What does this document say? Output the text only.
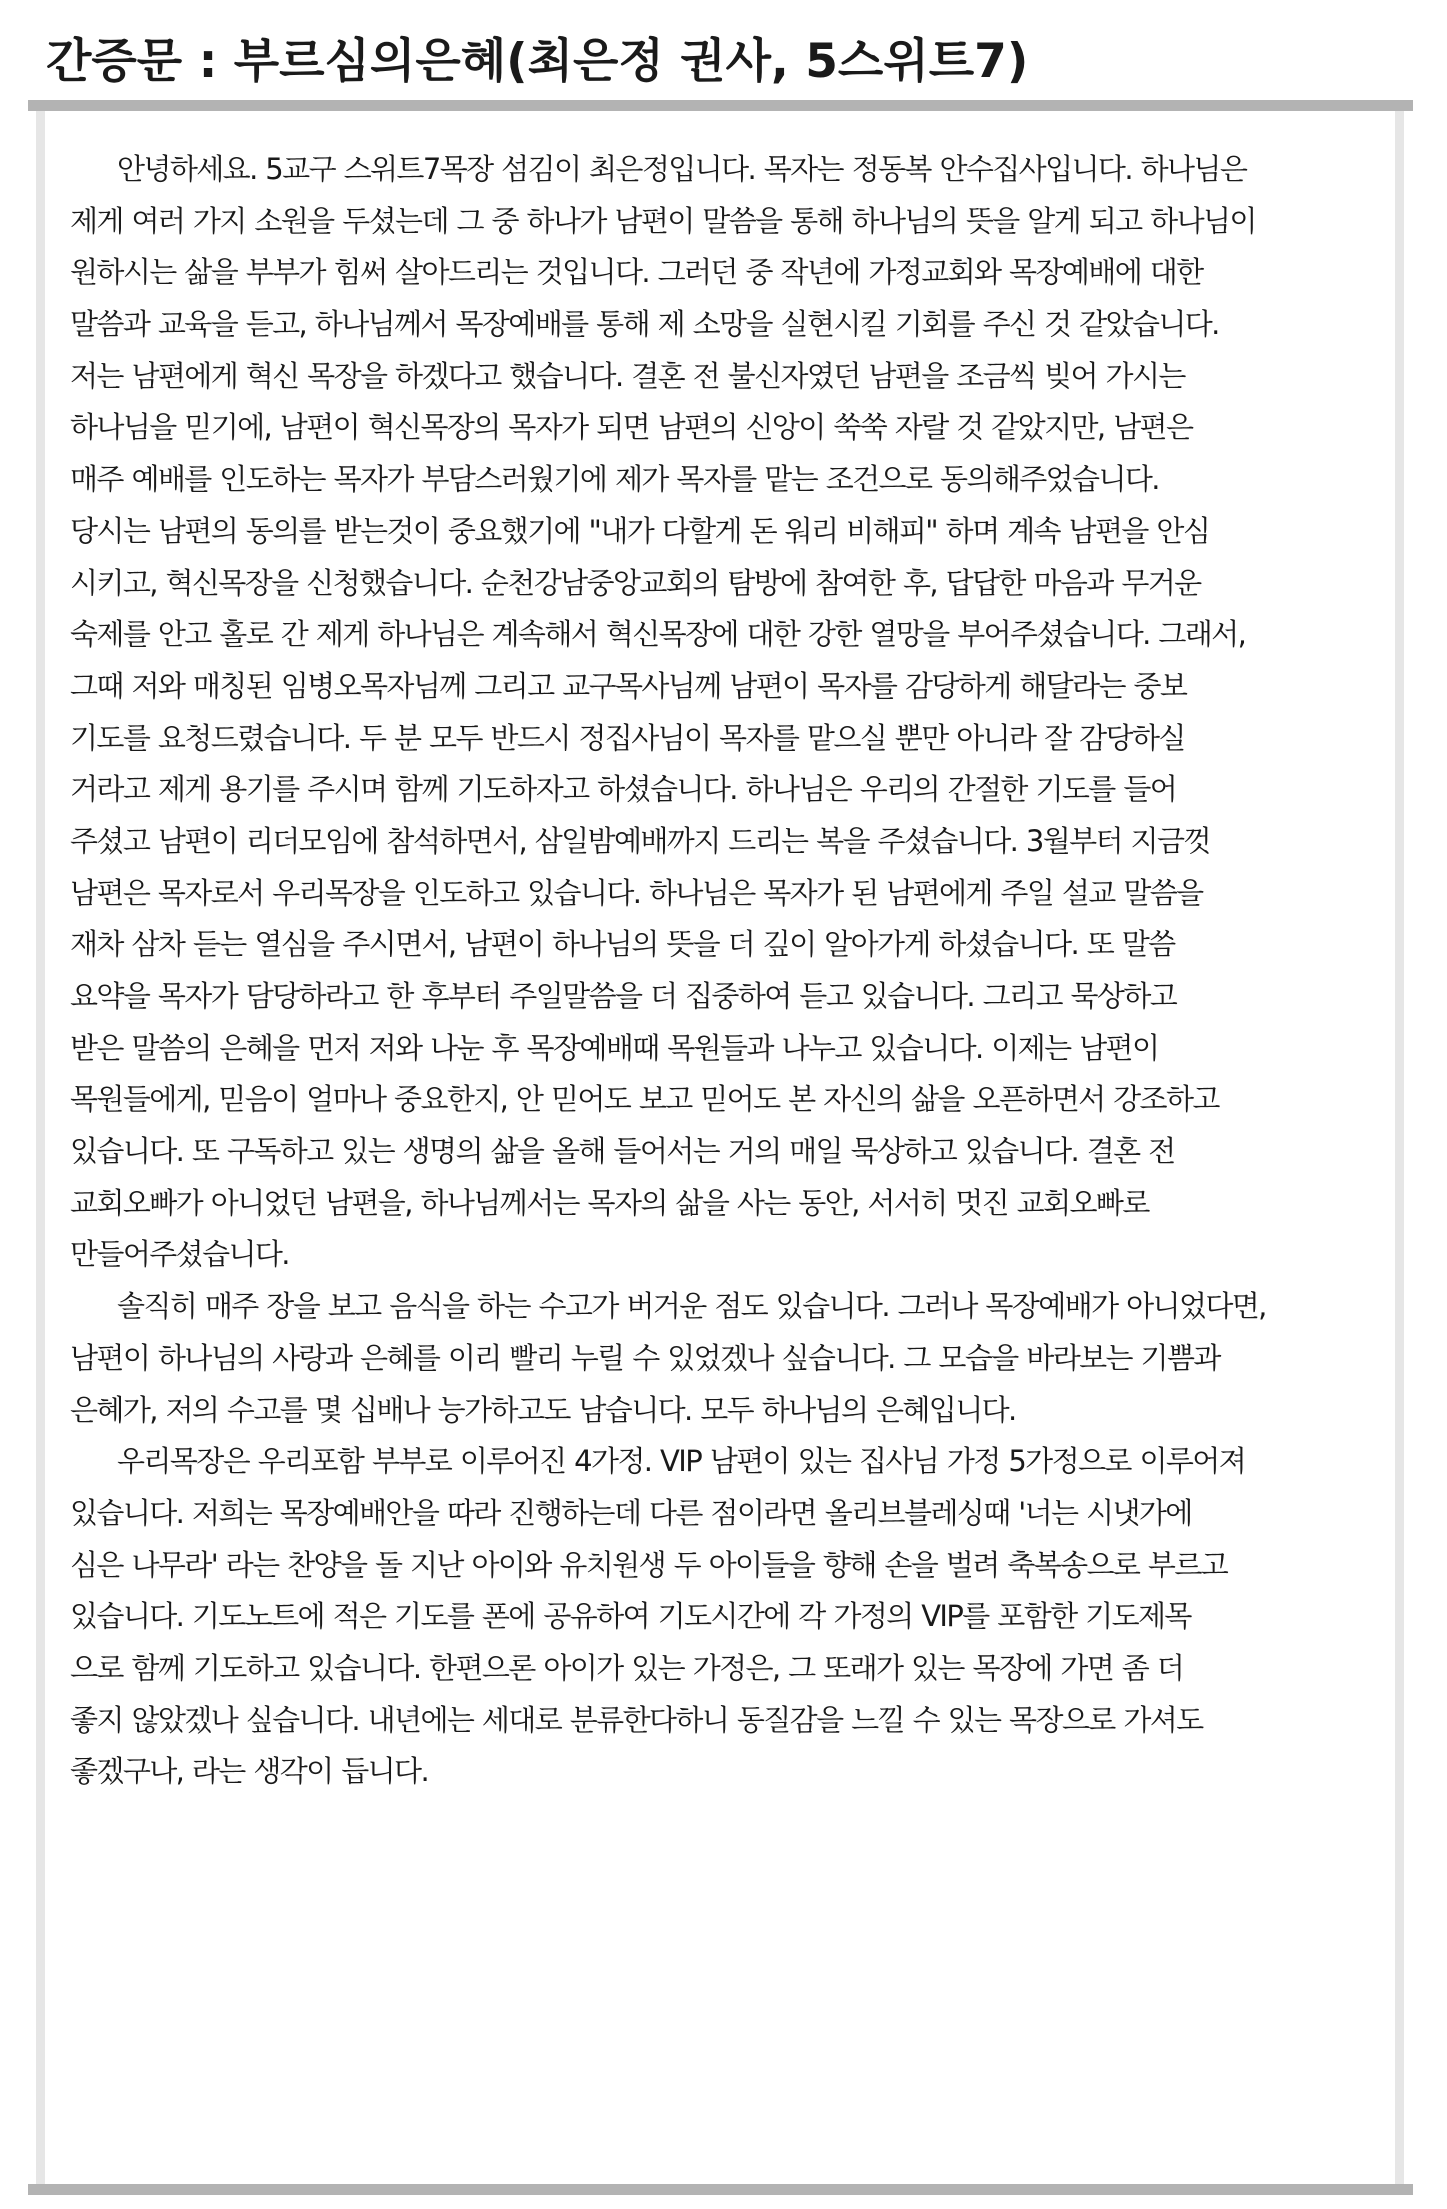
간증문 : 부르심의은혜(최은정 권사, 5스위트7)
안녕하세요. 5교구 스위트7목장 섬김이 최은정입니다. 목자는 정동복 안수집사입니다. 하나님은
제게 여러 가지 소원을 두셨는데 그 중 하나가 남편이 말씀을 통해 하나님의 뜻을 알게 되고 하나님이
원하시는 삶을 부부가 힘써 살아드리는 것입니다. 그러던 중 작년에 가정교회와 목장예배에 대한
말씀과 교육을 듣고, 하나님께서 목장예배를 통해 제 소망을 실현시킬 기회를 주신 것 같았습니다.
저는 남편에게 혁신 목장을 하겠다고 했습니다. 결혼 전 불신자였던 남편을 조금씩 빚어 가시는
하나님을 믿기에, 남편이 혁신목장의 목자가 되면 남편의 신앙이 쑥쑥 자랄 것 같았지만, 남편은
매주 예배를 인도하는 목자가 부담스러웠기에 제가 목자를 맡는 조건으로 동의해주었습니다.
당시는 남편의 동의를 받는것이 중요했기에 "내가 다할게 돈 워리 비해피" 하며 계속 남편을 안심
시키고, 혁신목장을 신청했습니다. 순천강남중앙교회의 탐방에 참여한 후, 답답한 마음과 무거운
숙제를 안고 홀로 간 제게 하나님은 계속해서 혁신목장에 대한 강한 열망을 부어주셨습니다. 그래서,
그때 저와 매칭된 임병오목자님께 그리고 교구목사님께 남편이 목자를 감당하게 해달라는 중보
기도를 요청드렸습니다. 두 분 모두 반드시 정집사님이 목자를 맡으실 뿐만 아니라 잘 감당하실
거라고 제게 용기를 주시며 함께 기도하자고 하셨습니다. 하나님은 우리의 간절한 기도를 들어
주셨고 남편이 리더모임에 참석하면서, 삼일밤예배까지 드리는 복을 주셨습니다. 3월부터 지금껏
남편은 목자로서 우리목장을 인도하고 있습니다. 하나님은 목자가 된 남편에게 주일 설교 말씀을
재차 삼차 듣는 열심을 주시면서, 남편이 하나님의 뜻을 더 깊이 알아가게 하셨습니다. 또 말씀
요약을 목자가 담당하라고 한 후부터 주일말씀을 더 집중하여 듣고 있습니다. 그리고 묵상하고
받은 말씀의 은혜을 먼저 저와 나눈 후 목장예배때 목원들과 나누고 있습니다. 이제는 남편이
목원들에게, 믿음이 얼마나 중요한지, 안 믿어도 보고 믿어도 본 자신의 삶을 오픈하면서 강조하고
있습니다. 또 구독하고 있는 생명의 삶을 올해 들어서는 거의 매일 묵상하고 있습니다. 결혼 전
교회오빠가 아니었던 남편을, 하나님께서는 목자의 삶을 사는 동안, 서서히 멋진 교회오빠로
만들어주셨습니다.
솔직히 매주 장을 보고 음식을 하는 수고가 버거운 점도 있습니다. 그러나 목장예배가 아니었다면,
남편이 하나님의 사랑과 은혜를 이리 빨리 누릴 수 있었겠나 싶습니다. 그 모습을 바라보는 기쁨과
은혜가, 저의 수고를 몇 십배나 능가하고도 남습니다. 모두 하나님의 은혜입니다.
우리목장은 우리포함 부부로 이루어진 4가정. VIP 남편이 있는 집사님 가정 5가정으로 이루어져
있습니다. 저희는 목장예배안을 따라 진행하는데 다른 점이라면 올리브블레싱때 '너는 시냇가에
심은 나무라' 라는 찬양을 돌 지난 아이와 유치원생 두 아이들을 향해 손을 벌려 축복송으로 부르고
있습니다. 기도노트에 적은 기도를 폰에 공유하여 기도시간에 각 가정의 VIP를 포함한 기도제목
으로 함께 기도하고 있습니다. 한편으론 아이가 있는 가정은, 그 또래가 있는 목장에 가면 좀 더
좋지 않았겠나 싶습니다. 내년에는 세대로 분류한다하니 동질감을 느낄 수 있는 목장으로 가셔도
좋겠구나, 라는 생각이 듭니다.
